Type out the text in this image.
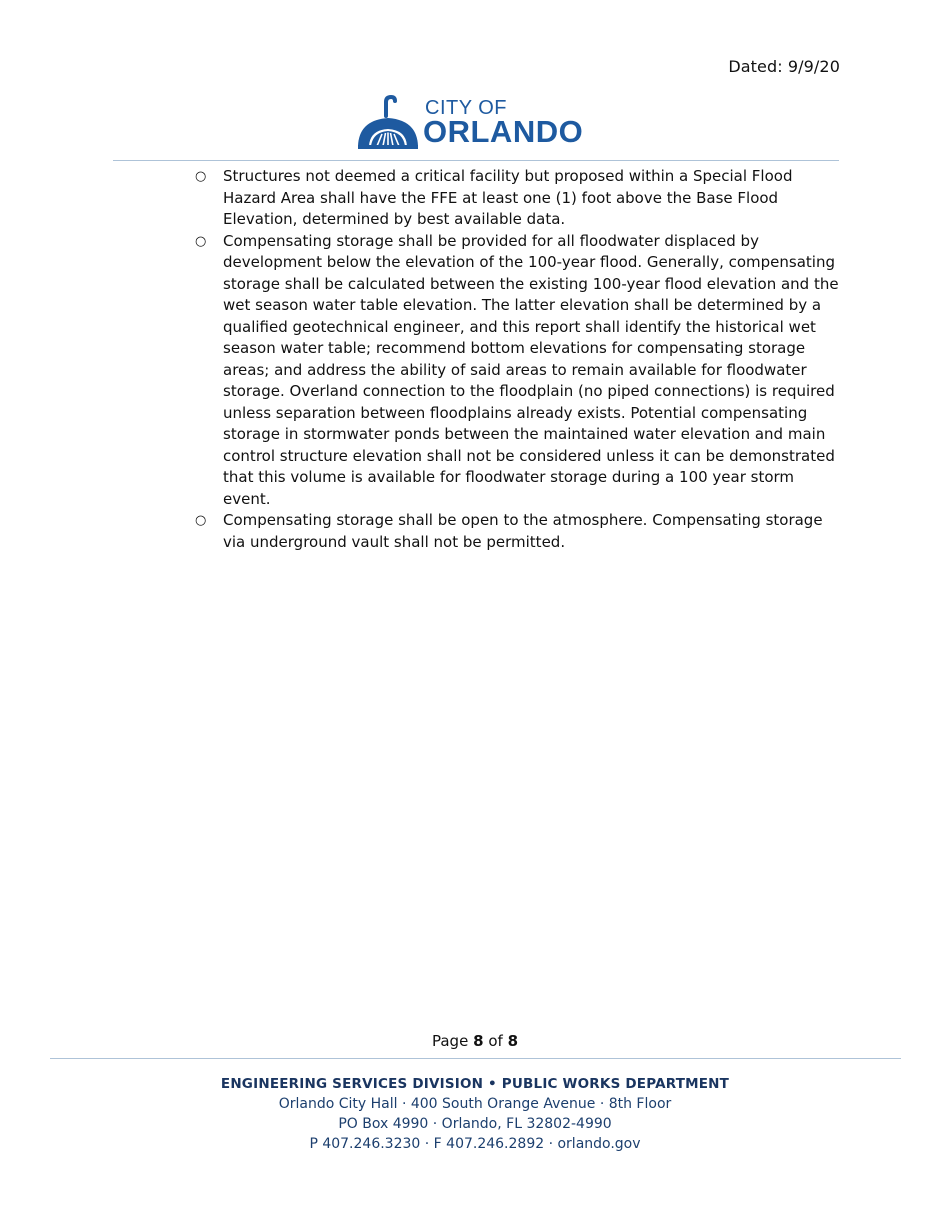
Dated: 9/9/20
CITY OF
ORLANDO
○ Structures not deemed a critical facility but proposed within a Special Flood Hazard Area shall have the FFE at least one (1) foot above the Base Flood Elevation, determined by best available data.
○ Compensating storage shall be provided for all floodwater displaced by development below the elevation of the 100-year flood. Generally, compensating storage shall be calculated between the existing 100-year flood elevation and the wet season water table elevation. The latter elevation shall be determined by a qualified geotechnical engineer, and this report shall identify the historical wet season water table; recommend bottom elevations for compensating storage areas; and address the ability of said areas to remain available for floodwater storage. Overland connection to the floodplain (no piped connections) is required unless separation between floodplains already exists. Potential compensating storage in stormwater ponds between the maintained water elevation and main control structure elevation shall not be considered unless it can be demonstrated that this volume is available for floodwater storage during a 100 year storm event.
○ Compensating storage shall be open to the atmosphere. Compensating storage via underground vault shall not be permitted.
Page 8 of 8
ENGINEERING SERVICES DIVISION • PUBLIC WORKS DEPARTMENT
Orlando City Hall · 400 South Orange Avenue · 8th Floor
PO Box 4990 · Orlando, FL 32802-4990
P 407.246.3230 · F 407.246.2892 · orlando.gov
